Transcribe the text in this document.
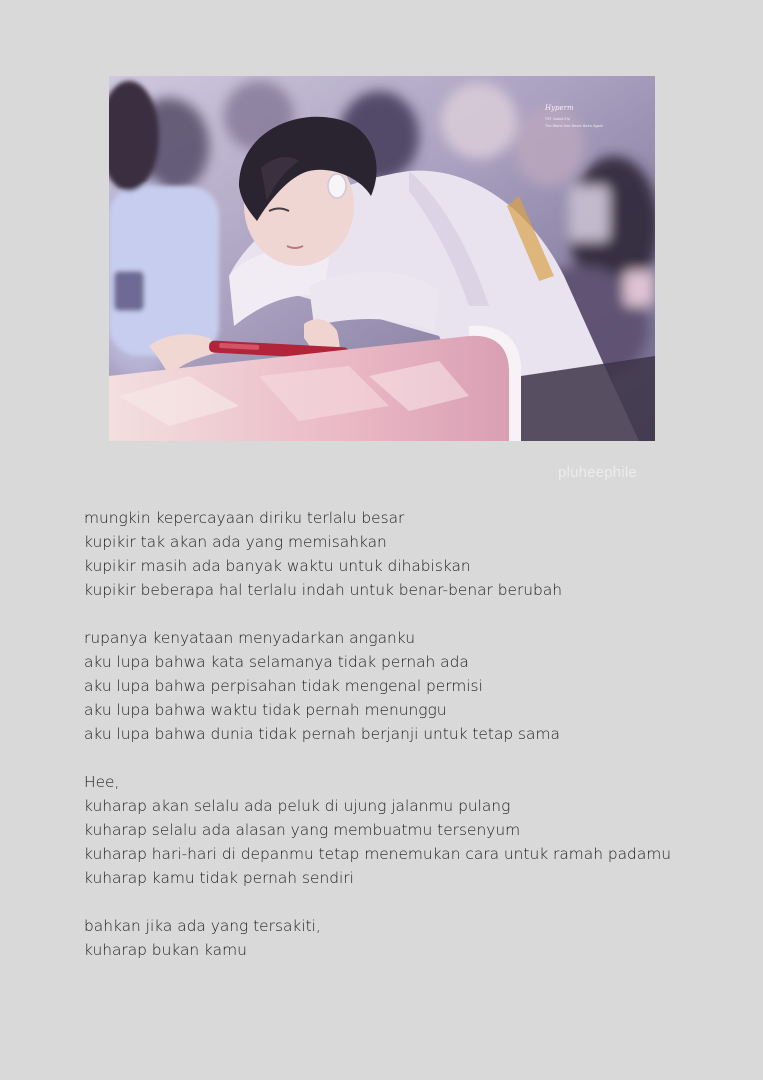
Hyperm
TXT SoobinTip
The World Has Never Been Again
pluheephile
mungkin kepercayaan diriku terlalu besar
kupikir tak akan ada yang memisahkan
kupikir masih ada banyak waktu untuk dihabiskan
kupikir beberapa hal terlalu indah untuk benar-benar berubah
rupanya kenyataan menyadarkan anganku
aku lupa bahwa kata selamanya tidak pernah ada
aku lupa bahwa perpisahan tidak mengenal permisi
aku lupa bahwa waktu tidak pernah menunggu
aku lupa bahwa dunia tidak pernah berjanji untuk tetap sama
Hee,
kuharap akan selalu ada peluk di ujung jalanmu pulang
kuharap selalu ada alasan yang membuatmu tersenyum
kuharap hari-hari di depanmu tetap menemukan cara untuk ramah padamu
kuharap kamu tidak pernah sendiri
bahkan jika ada yang tersakiti,
kuharap bukan kamu
